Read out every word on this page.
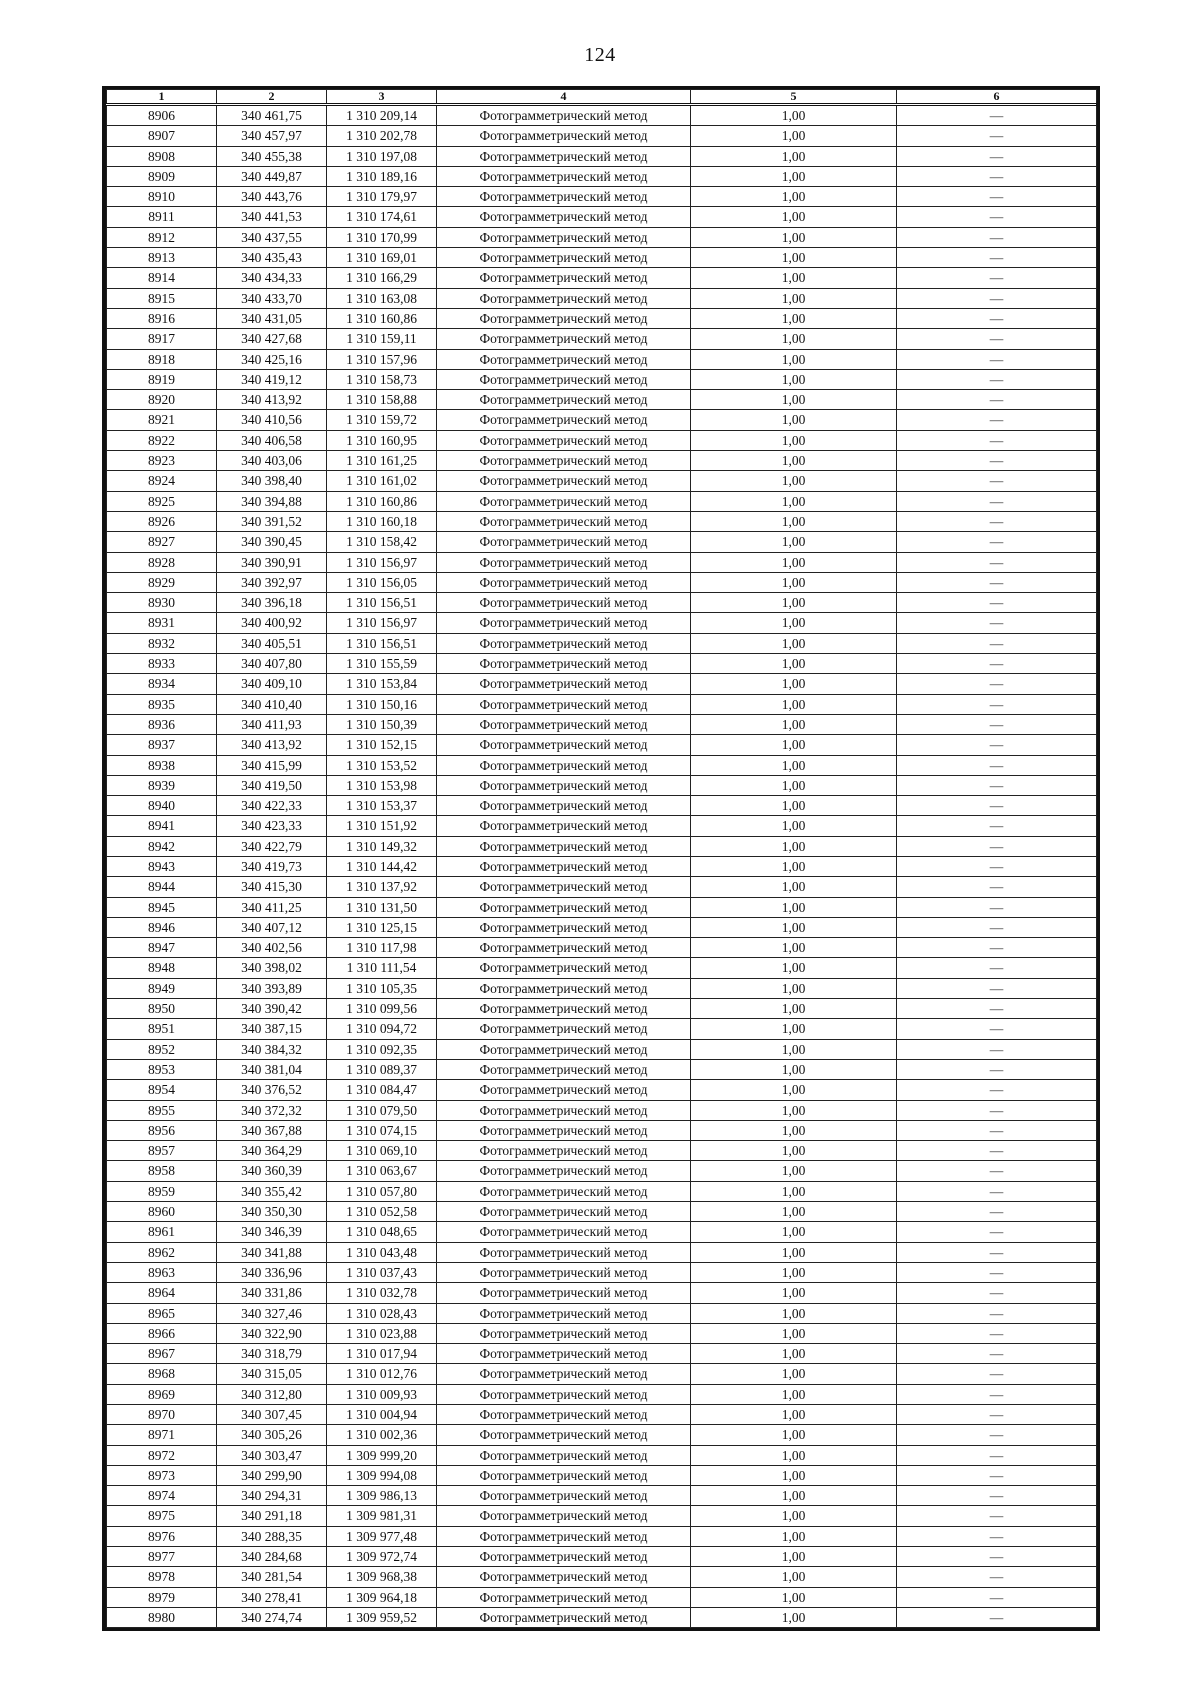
124
1	2	3	4	5	6
8906	340 461,75	1 310 209,14	Фотограмметрический метод	1,00	—
8907	340 457,97	1 310 202,78	Фотограмметрический метод	1,00	—
8908	340 455,38	1 310 197,08	Фотограмметрический метод	1,00	—
8909	340 449,87	1 310 189,16	Фотограмметрический метод	1,00	—
8910	340 443,76	1 310 179,97	Фотограмметрический метод	1,00	—
8911	340 441,53	1 310 174,61	Фотограмметрический метод	1,00	—
8912	340 437,55	1 310 170,99	Фотограмметрический метод	1,00	—
8913	340 435,43	1 310 169,01	Фотограмметрический метод	1,00	—
8914	340 434,33	1 310 166,29	Фотограмметрический метод	1,00	—
8915	340 433,70	1 310 163,08	Фотограмметрический метод	1,00	—
8916	340 431,05	1 310 160,86	Фотограмметрический метод	1,00	—
8917	340 427,68	1 310 159,11	Фотограмметрический метод	1,00	—
8918	340 425,16	1 310 157,96	Фотограмметрический метод	1,00	—
8919	340 419,12	1 310 158,73	Фотограмметрический метод	1,00	—
8920	340 413,92	1 310 158,88	Фотограмметрический метод	1,00	—
8921	340 410,56	1 310 159,72	Фотограмметрический метод	1,00	—
8922	340 406,58	1 310 160,95	Фотограмметрический метод	1,00	—
8923	340 403,06	1 310 161,25	Фотограмметрический метод	1,00	—
8924	340 398,40	1 310 161,02	Фотограмметрический метод	1,00	—
8925	340 394,88	1 310 160,86	Фотограмметрический метод	1,00	—
8926	340 391,52	1 310 160,18	Фотограмметрический метод	1,00	—
8927	340 390,45	1 310 158,42	Фотограмметрический метод	1,00	—
8928	340 390,91	1 310 156,97	Фотограмметрический метод	1,00	—
8929	340 392,97	1 310 156,05	Фотограмметрический метод	1,00	—
8930	340 396,18	1 310 156,51	Фотограмметрический метод	1,00	—
8931	340 400,92	1 310 156,97	Фотограмметрический метод	1,00	—
8932	340 405,51	1 310 156,51	Фотограмметрический метод	1,00	—
8933	340 407,80	1 310 155,59	Фотограмметрический метод	1,00	—
8934	340 409,10	1 310 153,84	Фотограмметрический метод	1,00	—
8935	340 410,40	1 310 150,16	Фотограмметрический метод	1,00	—
8936	340 411,93	1 310 150,39	Фотограмметрический метод	1,00	—
8937	340 413,92	1 310 152,15	Фотограмметрический метод	1,00	—
8938	340 415,99	1 310 153,52	Фотограмметрический метод	1,00	—
8939	340 419,50	1 310 153,98	Фотограмметрический метод	1,00	—
8940	340 422,33	1 310 153,37	Фотограмметрический метод	1,00	—
8941	340 423,33	1 310 151,92	Фотограмметрический метод	1,00	—
8942	340 422,79	1 310 149,32	Фотограмметрический метод	1,00	—
8943	340 419,73	1 310 144,42	Фотограмметрический метод	1,00	—
8944	340 415,30	1 310 137,92	Фотограмметрический метод	1,00	—
8945	340 411,25	1 310 131,50	Фотограмметрический метод	1,00	—
8946	340 407,12	1 310 125,15	Фотограмметрический метод	1,00	—
8947	340 402,56	1 310 117,98	Фотограмметрический метод	1,00	—
8948	340 398,02	1 310 111,54	Фотограмметрический метод	1,00	—
8949	340 393,89	1 310 105,35	Фотограмметрический метод	1,00	—
8950	340 390,42	1 310 099,56	Фотограмметрический метод	1,00	—
8951	340 387,15	1 310 094,72	Фотограмметрический метод	1,00	—
8952	340 384,32	1 310 092,35	Фотограмметрический метод	1,00	—
8953	340 381,04	1 310 089,37	Фотограмметрический метод	1,00	—
8954	340 376,52	1 310 084,47	Фотограмметрический метод	1,00	—
8955	340 372,32	1 310 079,50	Фотограмметрический метод	1,00	—
8956	340 367,88	1 310 074,15	Фотограмметрический метод	1,00	—
8957	340 364,29	1 310 069,10	Фотограмметрический метод	1,00	—
8958	340 360,39	1 310 063,67	Фотограмметрический метод	1,00	—
8959	340 355,42	1 310 057,80	Фотограмметрический метод	1,00	—
8960	340 350,30	1 310 052,58	Фотограмметрический метод	1,00	—
8961	340 346,39	1 310 048,65	Фотограмметрический метод	1,00	—
8962	340 341,88	1 310 043,48	Фотограмметрический метод	1,00	—
8963	340 336,96	1 310 037,43	Фотограмметрический метод	1,00	—
8964	340 331,86	1 310 032,78	Фотограмметрический метод	1,00	—
8965	340 327,46	1 310 028,43	Фотограмметрический метод	1,00	—
8966	340 322,90	1 310 023,88	Фотограмметрический метод	1,00	—
8967	340 318,79	1 310 017,94	Фотограмметрический метод	1,00	—
8968	340 315,05	1 310 012,76	Фотограмметрический метод	1,00	—
8969	340 312,80	1 310 009,93	Фотограмметрический метод	1,00	—
8970	340 307,45	1 310 004,94	Фотограмметрический метод	1,00	—
8971	340 305,26	1 310 002,36	Фотограмметрический метод	1,00	—
8972	340 303,47	1 309 999,20	Фотограмметрический метод	1,00	—
8973	340 299,90	1 309 994,08	Фотограмметрический метод	1,00	—
8974	340 294,31	1 309 986,13	Фотограмметрический метод	1,00	—
8975	340 291,18	1 309 981,31	Фотограмметрический метод	1,00	—
8976	340 288,35	1 309 977,48	Фотограмметрический метод	1,00	—
8977	340 284,68	1 309 972,74	Фотограмметрический метод	1,00	—
8978	340 281,54	1 309 968,38	Фотограмметрический метод	1,00	—
8979	340 278,41	1 309 964,18	Фотограмметрический метод	1,00	—
8980	340 274,74	1 309 959,52	Фотограмметрический метод	1,00	—
